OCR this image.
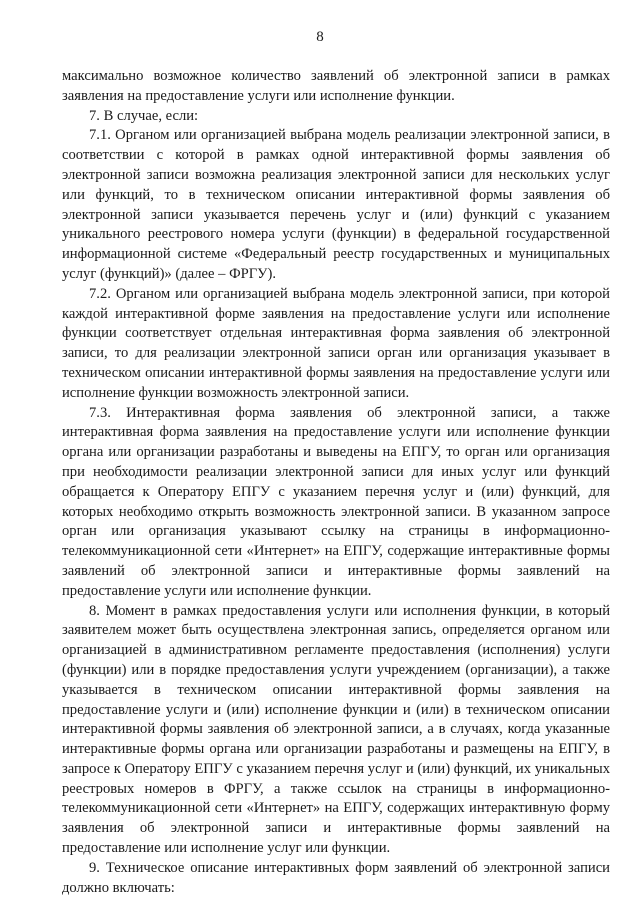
8

максимально возможное количество заявлений об электронной записи в рамках заявления на предоставление услуги или исполнение функции.

7. В случае, если:

7.1. Органом или организацией выбрана модель реализации электронной записи, в соответствии с которой в рамках одной интерактивной формы заявления об электронной записи возможна реализация электронной записи для нескольких услуг или функций, то в техническом описании интерактивной формы заявления об электронной записи указывается перечень услуг и (или) функций с указанием уникального реестрового номера услуги (функции) в федеральной государственной информационной системе «Федеральный реестр государственных и муниципальных услуг (функций)» (далее – ФРГУ).

7.2. Органом или организацией выбрана модель электронной записи, при которой каждой интерактивной форме заявления на предоставление услуги или исполнение функции соответствует отдельная интерактивная форма заявления об электронной записи, то для реализации электронной записи орган или организация указывает в техническом описании интерактивной формы заявления на предоставление услуги или исполнение функции возможность электронной записи.

7.3. Интерактивная форма заявления об электронной записи, а также интерактивная форма заявления на предоставление услуги или исполнение функции органа или организации разработаны и выведены на ЕПГУ, то орган или организация при необходимости реализации электронной записи для иных услуг или функций обращается к Оператору ЕПГУ с указанием перечня услуг и (или) функций, для которых необходимо открыть возможность электронной записи. В указанном запросе орган или организация указывают ссылку на страницы в информационно-телекоммуникационной сети «Интернет» на ЕПГУ, содержащие интерактивные формы заявлений об электронной записи и интерактивные формы заявлений на предоставление услуги или исполнение функции.

8. Момент в рамках предоставления услуги или исполнения функции, в который заявителем может быть осуществлена электронная запись, определяется органом или организацией в административном регламенте предоставления (исполнения) услуги (функции) или в порядке предоставления услуги учреждением (организации), а также указывается в техническом описании интерактивной формы заявления на предоставление услуги и (или) исполнение функции и (или) в техническом описании интерактивной формы заявления об электронной записи, а в случаях, когда указанные интерактивные формы органа или организации разработаны и размещены на ЕПГУ, в запросе к Оператору ЕПГУ с указанием перечня услуг и (или) функций, их уникальных реестровых номеров в ФРГУ, а также ссылок на страницы в информационно-телекоммуникационной сети «Интернет» на ЕПГУ, содержащих интерактивную форму заявления об электронной записи и интерактивные формы заявлений на предоставление или исполнение услуг или функции.

9. Техническое описание интерактивных форм заявлений об электронной записи должно включать:
